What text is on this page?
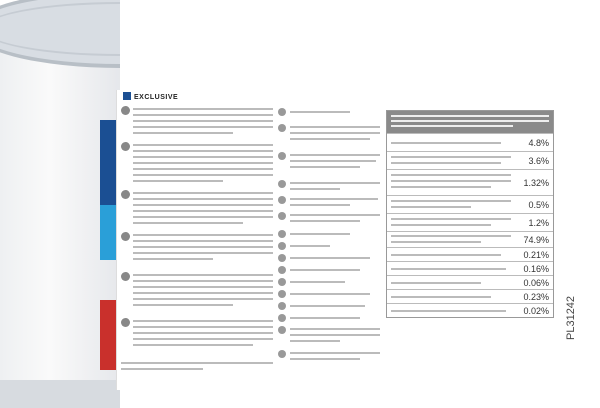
EXCLUSIVE
4.8%
3.6%
1.32%
0.5%
1.2%
74.9%
0.21%
0.16%
0.06%
0.23%
0.02% PL31242
